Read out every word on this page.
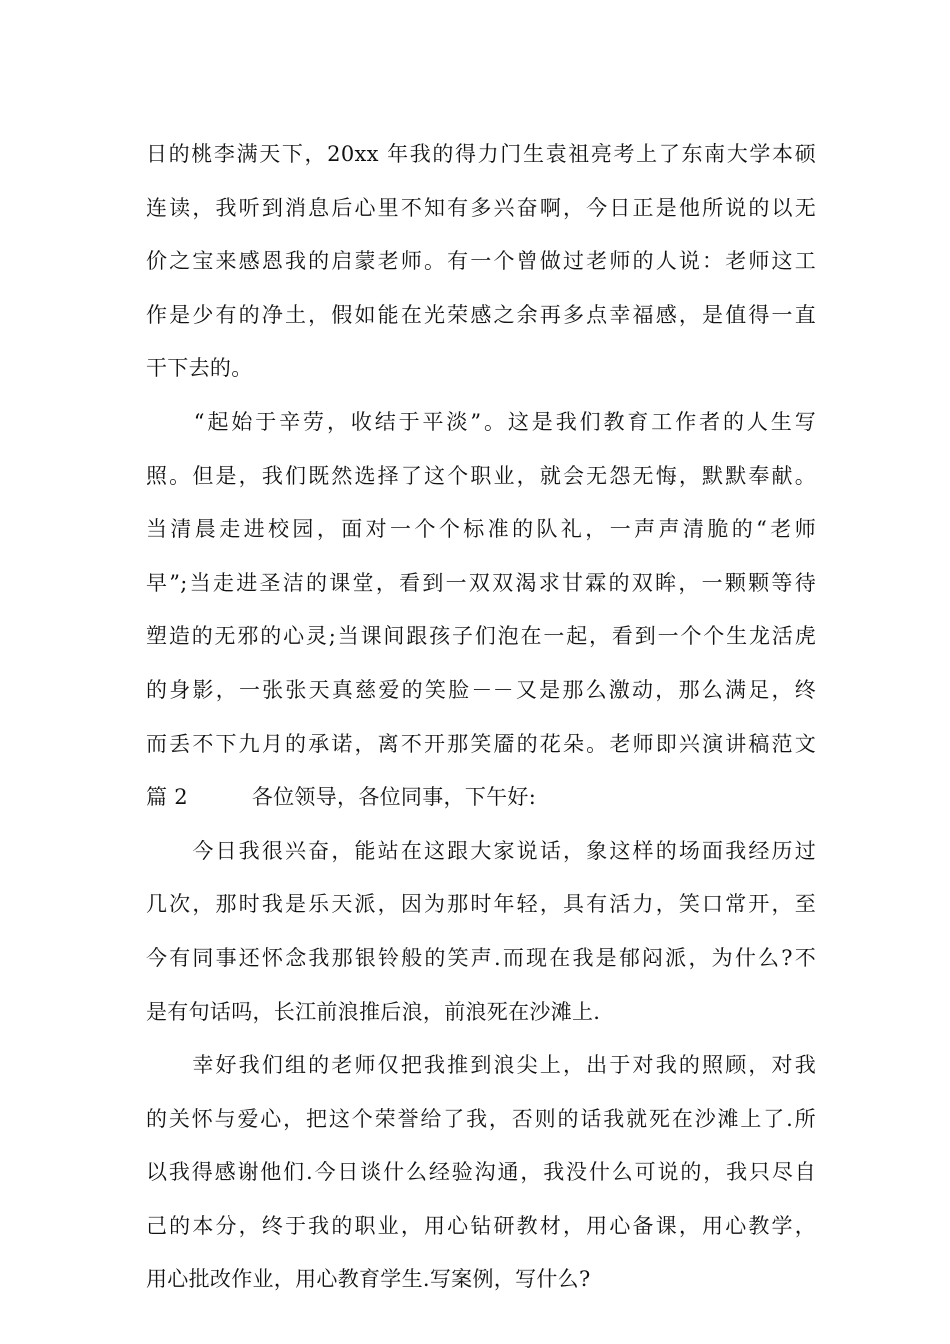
日的桃李满天下，20xx 年我的得力门生袁祖亮考上了东南大学本硕
连读，我听到消息后心里不知有多兴奋啊，今日正是他所说的以无
价之宝来感恩我的启蒙老师。有一个曾做过老师的人说：老师这工
作是少有的净土，假如能在光荣感之余再多点幸福感，是值得一直
干下去的。
　　“起始于辛劳，收结于平淡”。这是我们教育工作者的人生写
照。但是，我们既然选择了这个职业，就会无怨无悔，默默奉献。
当清晨走进校园，面对一个个标准的队礼，一声声清脆的“老师
早”;当走进圣洁的课堂，看到一双双渴求甘霖的双眸，一颗颗等待
塑造的无邪的心灵;当课间跟孩子们泡在一起，看到一个个生龙活虎
的身影，一张张天真慈爱的笑脸－－又是那么激动，那么满足，终
而丢不下九月的承诺，离不开那笑靥的花朵。老师即兴演讲稿范文
篇 2　　　各位领导，各位同事，下午好:
　　今日我很兴奋，能站在这跟大家说话，象这样的场面我经历过
几次，那时我是乐天派，因为那时年轻，具有活力，笑口常开，至
今有同事还怀念我那银铃般的笑声.而现在我是郁闷派，为什么?不
是有句话吗，长江前浪推后浪，前浪死在沙滩上.
　　幸好我们组的老师仅把我推到浪尖上，出于对我的照顾，对我
的关怀与爱心，把这个荣誉给了我，否则的话我就死在沙滩上了.所
以我得感谢他们.今日谈什么经验沟通，我没什么可说的，我只尽自
己的本分，终于我的职业，用心钻研教材，用心备课，用心教学，
用心批改作业，用心教育学生.写案例，写什么?
